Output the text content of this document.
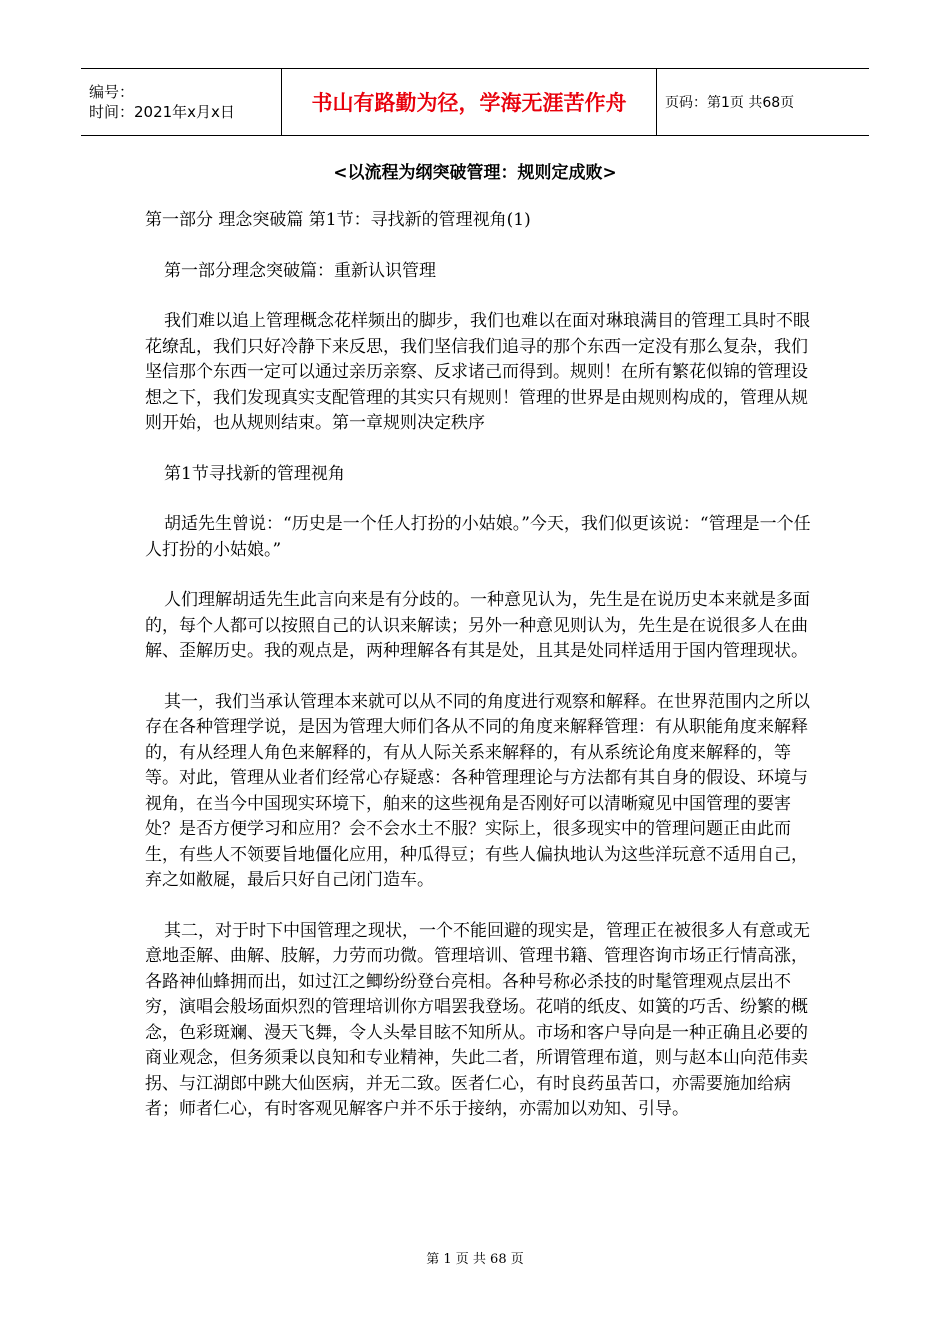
编号：
时间：2021年x月x日	书山有路勤为径，学海无涯苦作舟	页码：第1页 共68页
<以流程为纲突破管理：规则定成败>

第一部分 理念突破篇 第1节：寻找新的管理视角(1)

第一部分理念突破篇：重新认识管理

我们难以追上管理概念花样频出的脚步，我们也难以在面对琳琅满目的管理工具时不眼花缭乱，我们只好冷静下来反思，我们坚信我们追寻的那个东西一定没有那么复杂，我们坚信那个东西一定可以通过亲历亲察、反求诸己而得到。规则！在所有繁花似锦的管理设想之下，我们发现真实支配管理的其实只有规则！管理的世界是由规则构成的，管理从规则开始，也从规则结束。第一章规则决定秩序

第1节寻找新的管理视角

胡适先生曾说：“历史是一个任人打扮的小姑娘。”今天，我们似更该说：“管理是一个任人打扮的小姑娘。”

人们理解胡适先生此言向来是有分歧的。一种意见认为，先生是在说历史本来就是多面的，每个人都可以按照自己的认识来解读；另外一种意见则认为，先生是在说很多人在曲解、歪解历史。我的观点是，两种理解各有其是处，且其是处同样适用于国内管理现状。

其一，我们当承认管理本来就可以从不同的角度进行观察和解释。在世界范围内之所以存在各种管理学说，是因为管理大师们各从不同的角度来解释管理：有从职能角度来解释的，有从经理人角色来解释的，有从人际关系来解释的，有从系统论角度来解释的，等等。对此，管理从业者们经常心存疑惑：各种管理理论与方法都有其自身的假设、环境与视角，在当今中国现实环境下，舶来的这些视角是否刚好可以清晰窥见中国管理的要害处？是否方便学习和应用？会不会水土不服？实际上，很多现实中的管理问题正由此而生，有些人不领要旨地僵化应用，种瓜得豆；有些人偏执地认为这些洋玩意不适用自己，弃之如敝屣，最后只好自己闭门造车。

其二，对于时下中国管理之现状，一个不能回避的现实是，管理正在被很多人有意或无意地歪解、曲解、肢解，力劳而功微。管理培训、管理书籍、管理咨询市场正行情高涨，各路神仙蜂拥而出，如过江之鲫纷纷登台亮相。各种号称必杀技的时髦管理观点层出不穷，演唱会般场面炽烈的管理培训你方唱罢我登场。花哨的纸皮、如簧的巧舌、纷繁的概念，色彩斑斓、漫天飞舞，令人头晕目眩不知所从。市场和客户导向是一种正确且必要的商业观念，但务须秉以良知和专业精神，失此二者，所谓管理布道，则与赵本山向范伟卖拐、与江湖郎中跳大仙医病，并无二致。医者仁心，有时良药虽苦口，亦需要施加给病者；师者仁心，有时客观见解客户并不乐于接纳，亦需加以劝知、引导。

第 1 页 共 68 页
